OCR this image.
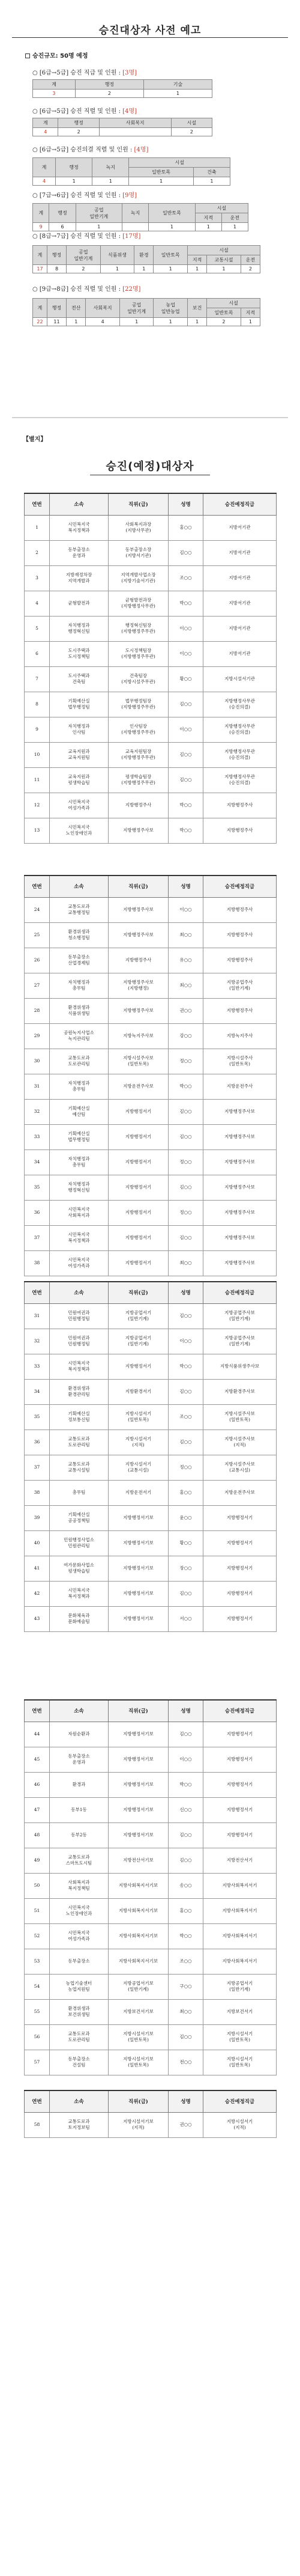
승진대상자 사전 예고
승진규모: 50명 예정
○ [6급→5급] 승진 직급 및 인원 : [3명]
계	행정	기술
3	2	1
○ [6급→5급] 승진 직렬 및 인원 : [4명]
계	행정	사회복지	시설
4	2		2
○ [6급→5급] 승진의결 직렬 및 인원 : [4명]
계	행정	녹지	시설	
			일반토목	건축
4	1	1	1	1
○ [7급→6급] 승진 직렬 및 인원 : [9명]
계	행정	공업
일반기계	녹지	일반토목	시설	
					지적	운전
9	6	1		1	1	1
○ [8급→7급] 승진 직렬 및 인원 : [17명]
계	행정	공업
일반기계	식품위생	환경	일반토목	시설		
						지적	교통시설	운전
17	8	2	1	1	1	1	1	2
○ [9급→8급] 승진 직렬 및 인원 : [22명]
계	행정	전산	사회복지	공업
일반기계	농업
일반농업	보건	시설	
							일반토목	지적
22	11	1	4	1	1	1	2	1
【별지】
승진(예정)대상자
연번	소속	직위(급)	성명	승진예정직급
1	시민복지국
복지정책과	사회복지과장
(지방사무관)	홍○○	지방서기관
2	동부출장소
운영과	동부출장소장
(지방서기관)	김○○	지방서기관
3	지방재정차장
지역개발과	지역개발사업소장
(지방기술서기관)	조○○	지방서기관
4	균형발전과	균형발전과장
(지방행정사무관)	박○○	지방서기관
5	자치행정과
행정혁신팀	행정혁신팀장
(지방행정주무관)	이○○	지방서기관
6	도시주택과
도시정책팀	도시정책팀장
(지방행정주무관)	이○○	지방서기관
7	도시주택과
건축팀	건축팀장
(지방시설주무관)	황○○	지방시설서기관
8	기획예산실
법무행정팀	법무행정팀장
(지방행정주무관)	김○○	지방행정사무관
(승진의결)
9	자치행정과
인사팀	인사팀장
(지방행정주무관)	이○○	지방행정사무관
(승진의결)
10	교육지원과
교육지원팀	교육지원팀장
(지방행정주무관)	김○○	지방행정사무관
(승진의결)
11	교육지원과
평생학습팀	평생학습팀장
(지방행정주무관)	김○○	지방행정사무관
(승진의결)
12	시민복지국
여성가족과	지방행정주사	박○○	지방행정주사
13	시민복지국
노인장애인과	지방행정주사보	박○○	지방행정주사
연번	소속	직위(급)	성명	승진예정직급
24	교통도로과
교통행정팀	지방행정주사보	이○○	지방행정주사
25	환경위생과
청소행정팀	지방행정주사보	최○○	지방행정주사
26	동부출장소
산업경제팀	지방행정주사	유○○	지방행정주사
27	자치행정과
총무팀	지방행정주사보
(지방행정)	최○○	지방공업주사
(일반기계)
28	환경위생과
식품위생팀	지방행정주사보	권○○	지방행정주사
29	공원녹지사업소
녹지관리팀	지방녹지주사보	강○○	지방녹지주사
30	교통도로과
도로관리팀	지방시설주사보
(일반토목)	정○○	지방시설주사
(일반토목)
31	자치행정과
총무팀	지방운전주사보	박○○	지방운전주사
32	기획예산실
예산팀	지방행정서기	김○○	지방행정주사보
33	기획예산실
법무행정팀	지방행정서기	김○○	지방행정주사보
34	자치행정과
총무팀	지방행정서기	정○○	지방행정주사보
35	자치행정과
행정혁신팀	지방행정서기	김○○	지방행정주사보
36	시민복지국
사회복지과	지방행정서기	정○○	지방행정주사보
37	시민복지국
복지정책과	지방행정서기	김○○	지방행정주사보
38	시민복지국
여성가족과	지방행정서기	최○○	지방행정주사보
연번	소속	직위(급)	성명	승진예정직급
31	민원여권과
민원행정팀	지방공업서기
(일반기계)	김○○	지방공업주사보
(일반기계)
32	민원여권과
민원행정팀	지방공업서기
(일반기계)	이○○	지방공업주사보
(일반기계)
33	시민복지국
복지정책과	지방행정서기	박○○	지방식품위생주사보
34	환경위생과
환경관리팀	지방환경서기	김○○	지방환경주사보
35	기획예산실
정보통신팀	지방시설서기
(일반토목)	조○○	지방시설주사보
(일반토목)
36	교통도로과
도로관리팀	지방시설서기
(지적)	김○○	지방시설주사보
(지적)
37	교통도로과
교통시설팀	지방시설서기
(교통시설)	정○○	지방시설주사보
(교통시설)
38	총무팀	지방운전서기	홍○○	지방운전주사보
39	기획예산실
공공정책팀	지방행정서기보	윤○○	지방행정서기
40	민원행정사업소
민원관리팀	지방행정서기보	황○○	지방행정서기
41	여가문화사업소
평생학습팀	지방행정서기보	장○○	지방행정서기
42	시민복지국
복지정책과	지방행정서기보	김○○	지방행정서기
43	문화체육과
문화예술팀	지방행정서기보	서○○	지방행정서기
연번	소속	직위(급)	성명	승진예정직급
44	자원순환과	지방행정서기보	김○○	지방행정서기
45	동부출장소
운영과	지방행정서기보	이○○	지방행정서기
46	환경과	지방행정서기보	박○○	지방행정서기
47	동부1동	지방행정서기보	신○○	지방행정서기
48	동부2동	지방행정서기보	김○○	지방행정서기
49	교통도로과
스마트도시팀	지방전산서기보	김○○	지방전산서기
50	사회복지과
복지정책팀	지방사회복지서기보	송○○	지방사회복지서기
51	시민복지국
노인장애인과	지방사회복지서기보	홍○○	지방사회복지서기
52	시민복지국
여성가족과	지방사회복지서기보	박○○	지방사회복지서기
53	동부출장소	지방사회복지서기보	조○○	지방사회복지서기
54	농업기술센터
농업지원팀	지방공업서기보
(일반기계)	구○○	지방공업서기
(일반기계)
55	환경위생과
보건위생팀	지방보건서기보	최○○	지방보건서기
56	교통도로과
도로관리팀	지방시설서기보
(일반토목)	김○○	지방시설서기
(일반토목)
57	동부출장소
건설팀	지방시설서기보
(일반토목)	전○○	지방시설서기
(일반토목)
연번	소속	직위(급)	성명	승진예정직급
58	교통도로과
토지정보팀	지방시설서기보
(지적)	권○○	지방시설서기
(지적)
